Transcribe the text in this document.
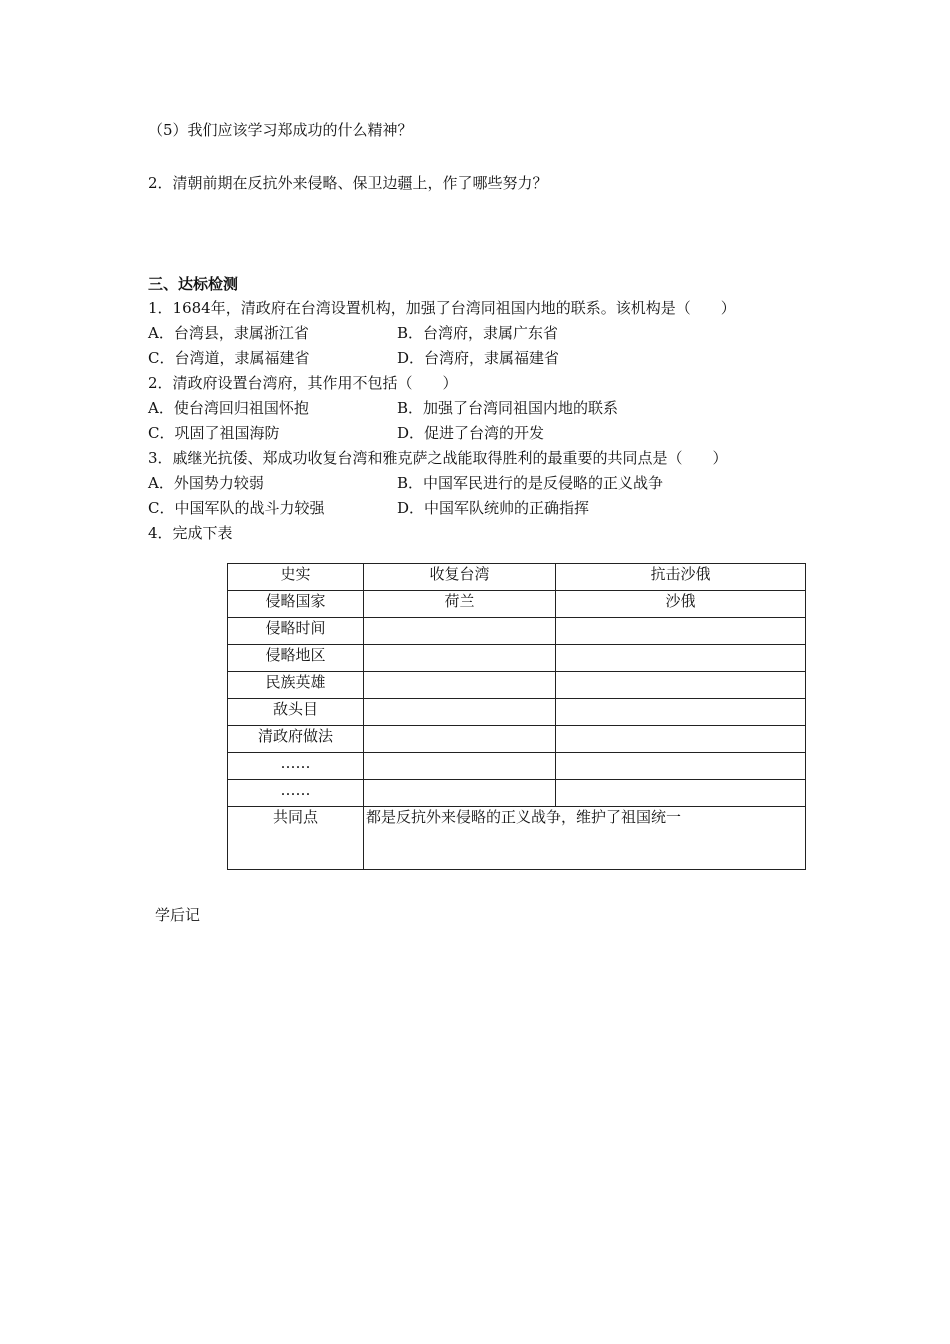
（5）我们应该学习郑成功的什么精神？
2．清朝前期在反抗外来侵略、保卫边疆上，作了哪些努力？
三、达标检测
1．1684年，清政府在台湾设置机构，加强了台湾同祖国内地的联系。该机构是（　　）
A．台湾县，隶属浙江省	B．台湾府，隶属广东省
C．台湾道，隶属福建省	D．台湾府，隶属福建省
2．清政府设置台湾府，其作用不包括（　　）
A．使台湾回归祖国怀抱	B．加强了台湾同祖国内地的联系
C．巩固了祖国海防	D．促进了台湾的开发
3．戚继光抗倭、郑成功收复台湾和雅克萨之战能取得胜利的最重要的共同点是（　　）
A．外国势力较弱	B．中国军民进行的是反侵略的正义战争
C．中国军队的战斗力较强	D．中国军队统帅的正确指挥
4．完成下表
史实	收复台湾	抗击沙俄
侵略国家	荷兰	沙俄
侵略时间		
侵略地区		
民族英雄		
敌头目		
清政府做法		
……		
……		
共同点	都是反抗外来侵略的正义战争，维护了祖国统一	
学后记
